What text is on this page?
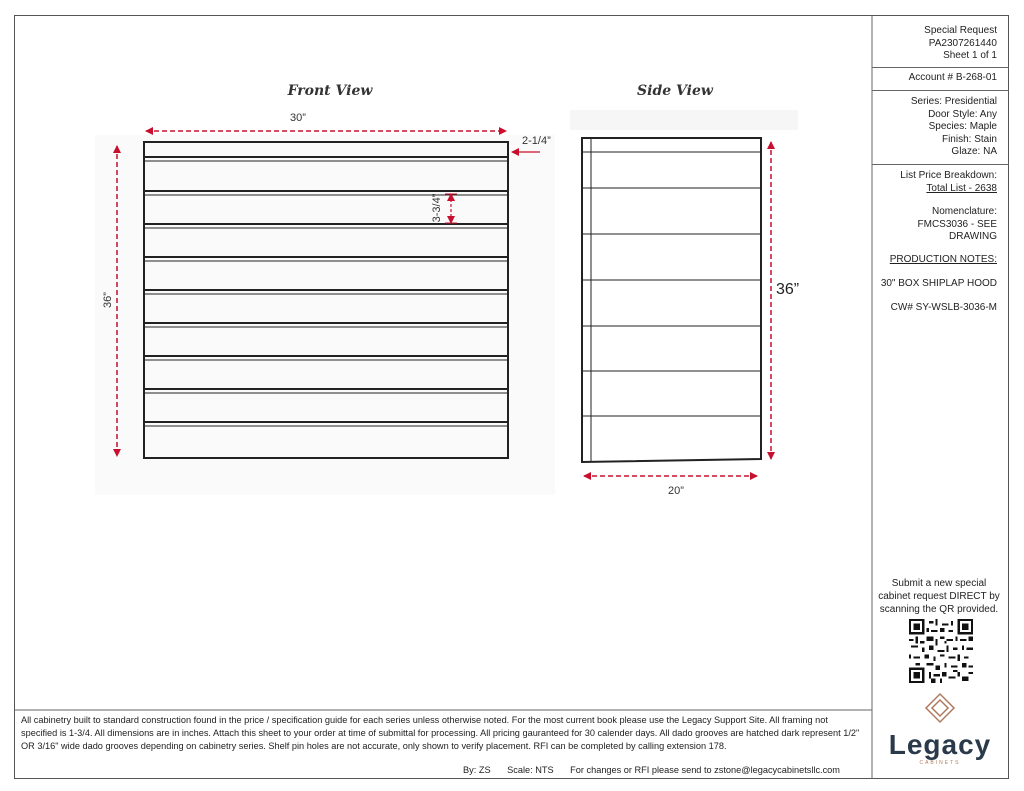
Front View	Side View
30”
36”
2-1/4”
3-3/4”
36”
20”
Special Request
PA2307261440
Sheet 1 of 1
Account # B-268-01
Series: Presidential
Door Style: Any
Species: Maple
Finish: Stain
Glaze: NA
List Price Breakdown:
Total List - 2638
Nomenclature:
FMCS3036 - SEE
DRAWING
PRODUCTION NOTES:
30" BOX SHIPLAP HOOD
CW# SY-WSLB-3036-M
Submit a new special
cabinet request DIRECT by
scanning the QR provided.
Legacy
CABINETS
All cabinetry built to standard construction found in the price / specification guide for each series unless otherwise noted. For the most current book please use the Legacy Support Site. All framing not specified is 1-3/4. All dimensions are in inches. Attach this sheet to your order at time of submittal for processing. All pricing gauranteed for 30 calender days. All dado grooves are hatched dark represent 1/2" OR 3/16" wide dado grooves depending on cabinetry series. Shelf pin holes are not accurate, only shown to verify placement. RFI can be completed by calling extension 178.
By: ZS Scale: NTS For changes or RFI please send to zstone@legacycabinetsllc.com
